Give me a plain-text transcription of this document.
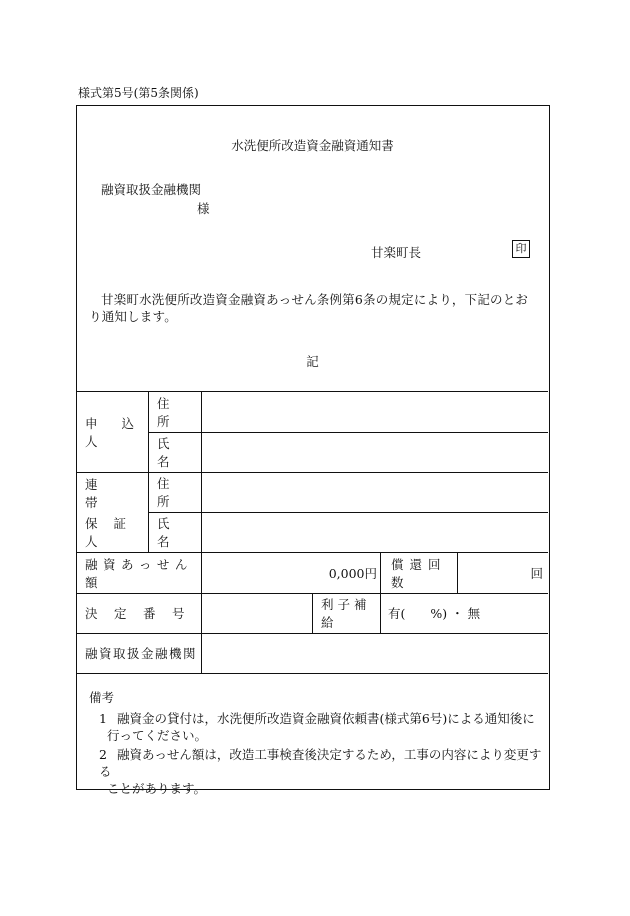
様式第5号(第5条関係)
水洗便所改造資金融資通知書
融資取扱金融機関
様
甘楽町長	印
甘楽町水洗便所改造資金融資あっせん条例第6条の規定により，下記のとおり通知します。
記
申 込 人
住　所
氏　名
連　　帯
保 証 人
住　所
氏　名
融資あっせん額
0,000円
償還回数
回
決　定　番　号
利子補給
有(　　%) ・ 無
融資取扱金融機関
備考
1 融資金の貸付は，水洗便所改造資金融資依頼書(様式第6号)による通知後に
行ってください。
2 融資あっせん額は，改造工事検査後決定するため，工事の内容により変更する
ことがあります。
